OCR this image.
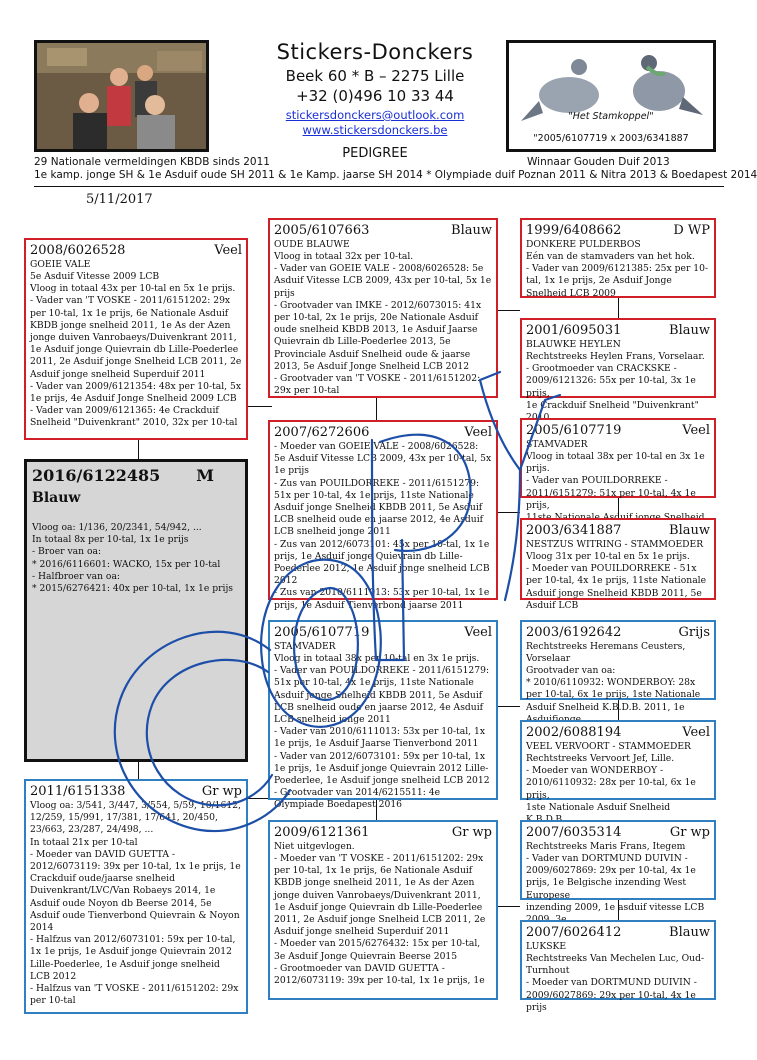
Stickers-Donckers
Beek 60 * B – 2275 Lille
+32 (0)496 10 33 44
stickersdonckers@outlook.com
www.stickersdonckers.be
PEDIGREE
"Het Stamkoppel"
"2005/6107719 x 2003/6341887
29 Nationale vermeldingen KBDB sinds 2011	Winnaar Gouden Duif 2013
1e kamp. jonge SH & 1e Asduif oude SH 2011 & 1e Kamp. jaarse SH 2014 * Olympiade duif Poznan 2011 & Nitra 2013 & Boedapest 2014
5/11/2017
2008/6026528	Veel
GOEIE VALE
5e Asduif Vitesse 2009 LCB
Vloog in totaal 43x per 10-tal en 5x 1e prijs.
- Vader van 'T VOSKE - 2011/6151202: 29x per 10-tal, 1x 1e prijs, 6e Nationale Asduif KBDB jonge snelheid 2011, 1e As der Azen jonge duiven Vanrobaeys/Duivenkrant 2011, 1e Asduif jonge Quievrain db Lille-Poederlee 2011, 2e Asduif jonge Snelheid LCB 2011, 2e Asduif jonge snelheid Superduif 2011
- Vader van 2009/6121354: 48x per 10-tal, 5x 1e prijs, 4e Asduif Jonge Snelheid 2009 LCB
- Vader van 2009/6121365: 4e Crackduif Snelheid "Duivenkrant" 2010, 32x per 10-tal
2016/6122485 M
Blauw
Vloog oa: 1/136, 20/2341, 54/942, ...
In totaal 8x per 10-tal, 1x 1e prijs
- Broer van oa:
* 2016/6116601: WACKO, 15x per 10-tal
- Halfbroer van oa:
* 2015/6276421: 40x per 10-tal, 1x 1e prijs
2011/6151338	Gr wp
Vloog oa: 3/541, 3/447, 3/554, 5/59, 10/1612, 12/259, 15/991, 17/381, 17/641, 20/450, 23/663, 23/287, 24/498, ...
In totaal 21x per 10-tal
- Moeder van DAVID GUETTA - 2012/6073119: 39x per 10-tal, 1x 1e prijs, 1e Crackduif oude/jaarse snelheid Duivenkrant/LVC/Van Robaeys 2014, 1e Asduif oude Noyon db Beerse 2014, 5e Asduif oude Tienverbond Quievrain & Noyon 2014
- Halfzus van 2012/6073101: 59x per 10-tal, 1x 1e prijs, 1e Asduif jonge Quievrain 2012 Lille-Poederlee, 1e Asduif jonge snelheid LCB 2012
- Halfzus van 'T VOSKE - 2011/6151202: 29x per 10-tal
2005/6107663	Blauw
OUDE BLAUWE
Vloog in totaal 32x per 10-tal.
- Vader van GOEIE VALE - 2008/6026528: 5e Asduif Vitesse LCB 2009, 43x per 10-tal, 5x 1e prijs
- Grootvader van IMKE - 2012/6073015: 41x per 10-tal, 2x 1e prijs, 20e Nationale Asduif oude snelheid KBDB 2013, 1e Asduif Jaarse Quievrain db Lille-Poederlee 2013, 5e Provinciale Asduif Snelheid oude & jaarse 2013, 5e Asduif Jonge Snelheid LCB 2012
- Grootvader van 'T VOSKE - 2011/6151202: 29x per 10-tal
2007/6272606	Veel
- Moeder van GOEIE VALE - 2008/6026528: 5e Asduif Vitesse LCB 2009, 43x per 10-tal, 5x 1e prijs
- Zus van POUILDORREKE - 2011/6151279: 51x per 10-tal, 4x 1e prijs, 11ste Nationale Asduif jonge Snelheid KBDB 2011, 5e Asduif LCB snelheid oude en jaarse 2012, 4e Asduif LCB snelheid jonge 2011
- Zus van 2012/6073101: 45x per 10-tal, 1x 1e prijs, 1e Asduif jonge Quievrain db Lille-Poederlee 2012, 1e Asduif jonge snelheid LCB 2012
- Zus van 2010/6111013: 53x per 10-tal, 1x 1e prijs, 1e Asduif Tienverbond jaarse 2011
2005/6107719	Veel
STAMVADER
Vloog in totaal 38x per 10-tal en 3x 1e prijs.
- Vader van POUILDORREKE - 2011/6151279: 51x per 10-tal, 4x 1e prijs, 11ste Nationale Asduif jonge Snelheid KBDB 2011, 5e Asduif LCB snelheid oude en jaarse 2012, 4e Asduif LCB snelheid jonge 2011
- Vader van 2010/6111013: 53x per 10-tal, 1x 1e prijs, 1e Asduif Jaarse Tienverbond 2011
- Vader van 2012/6073101: 59x per 10-tal, 1x 1e prijs, 1e Asduif jonge Quievrain 2012 Lille-Poederlee, 1e Asduif jonge snelheid LCB 2012
- Grootvader van 2014/6215511: 4e Olympiade Boedapest 2016
2009/6121361	Gr wp
Niet uitgevlogen.
- Moeder van 'T VOSKE - 2011/6151202: 29x per 10-tal, 1x 1e prijs, 6e Nationale Asduif KBDB jonge snelheid 2011, 1e As der Azen jonge duiven Vanrobaeys/Duivenkrant 2011, 1e Asduif jonge Quievrain db Lille-Poederlee 2011, 2e Asduif jonge Snelheid LCB 2011, 2e Asduif jonge snelheid Superduif 2011
- Moeder van 2015/6276432: 15x per 10-tal, 3e Asduif Jonge Quievrain Beerse 2015
- Grootmoeder van DAVID GUETTA - 2012/6073119: 39x per 10-tal, 1x 1e prijs, 1e
1999/6408662	D WP
DONKERE PULDERBOS
Eén van de stamvaders van het hok.
- Vader van 2009/6121385: 25x per 10-tal, 1x 1e prijs, 2e Asduif Jonge Snelheid LCB 2009
2001/6095031	Blauw
BLAUWKE HEYLEN
Rechtstreeks Heylen Frans, Vorselaar.
- Grootmoeder van CRACKSKE - 2009/6121326: 55x per 10-tal, 3x 1e prijs,
1e Crackduif Snelheid "Duivenkrant"
2005/6107719	Veel
STAMVADER
Vloog in totaal 38x per 10-tal en 3x 1e prijs.
- Vader van POUILDORREKE - 2011/6151279: 51x per 10-tal, 4x 1e prijs,
2003/6341887	Blauw
NESTZUS WITRING - STAMMOEDER
Vloog 31x per 10-tal en 5x 1e prijs.
- Moeder van POUILDORREKE - 51x per 10-tal, 4x 1e prijs, 11ste Nationale Asduif jonge Snelheid KBDB 2011, 5e Asduif LCB
2003/6192642	Grijs
Rechtstreeks Heremans Ceusters, Vorselaar
Grootvader van oa:
* 2010/6110932: WONDERBOY: 28x per 10-tal, 6x 1e prijs, 1ste Nationale Asduif Snelheid K.B.D.B. 2011, 1e
2002/6088194	Veel
VEEL VERVOORT - STAMMOEDER
Rechtstreeks Vervoort Jef, Lille.
- Moeder van WONDERBOY - 2010/6110932: 28x per 10-tal, 6x 1e prijs,
1ste Nationale Asduif Snelheid
2007/6035314	Gr wp
Rechtstreeks Maris Frans, Itegem
- Vader van DORTMUND DUIVIN - 2009/6027869: 29x per 10-tal, 4x 1e prijs, 1e Belgische inzending West Europese
inzending 2009, 1e asduif vitesse LCB
2007/6026412	Blauw
LUKSKE
Rechtstreeks Van Mechelen Luc, Oud-Turnhout
- Moeder van DORTMUND DUIVIN - 2009/6027869: 29x per 10-tal, 4x 1e prijs
